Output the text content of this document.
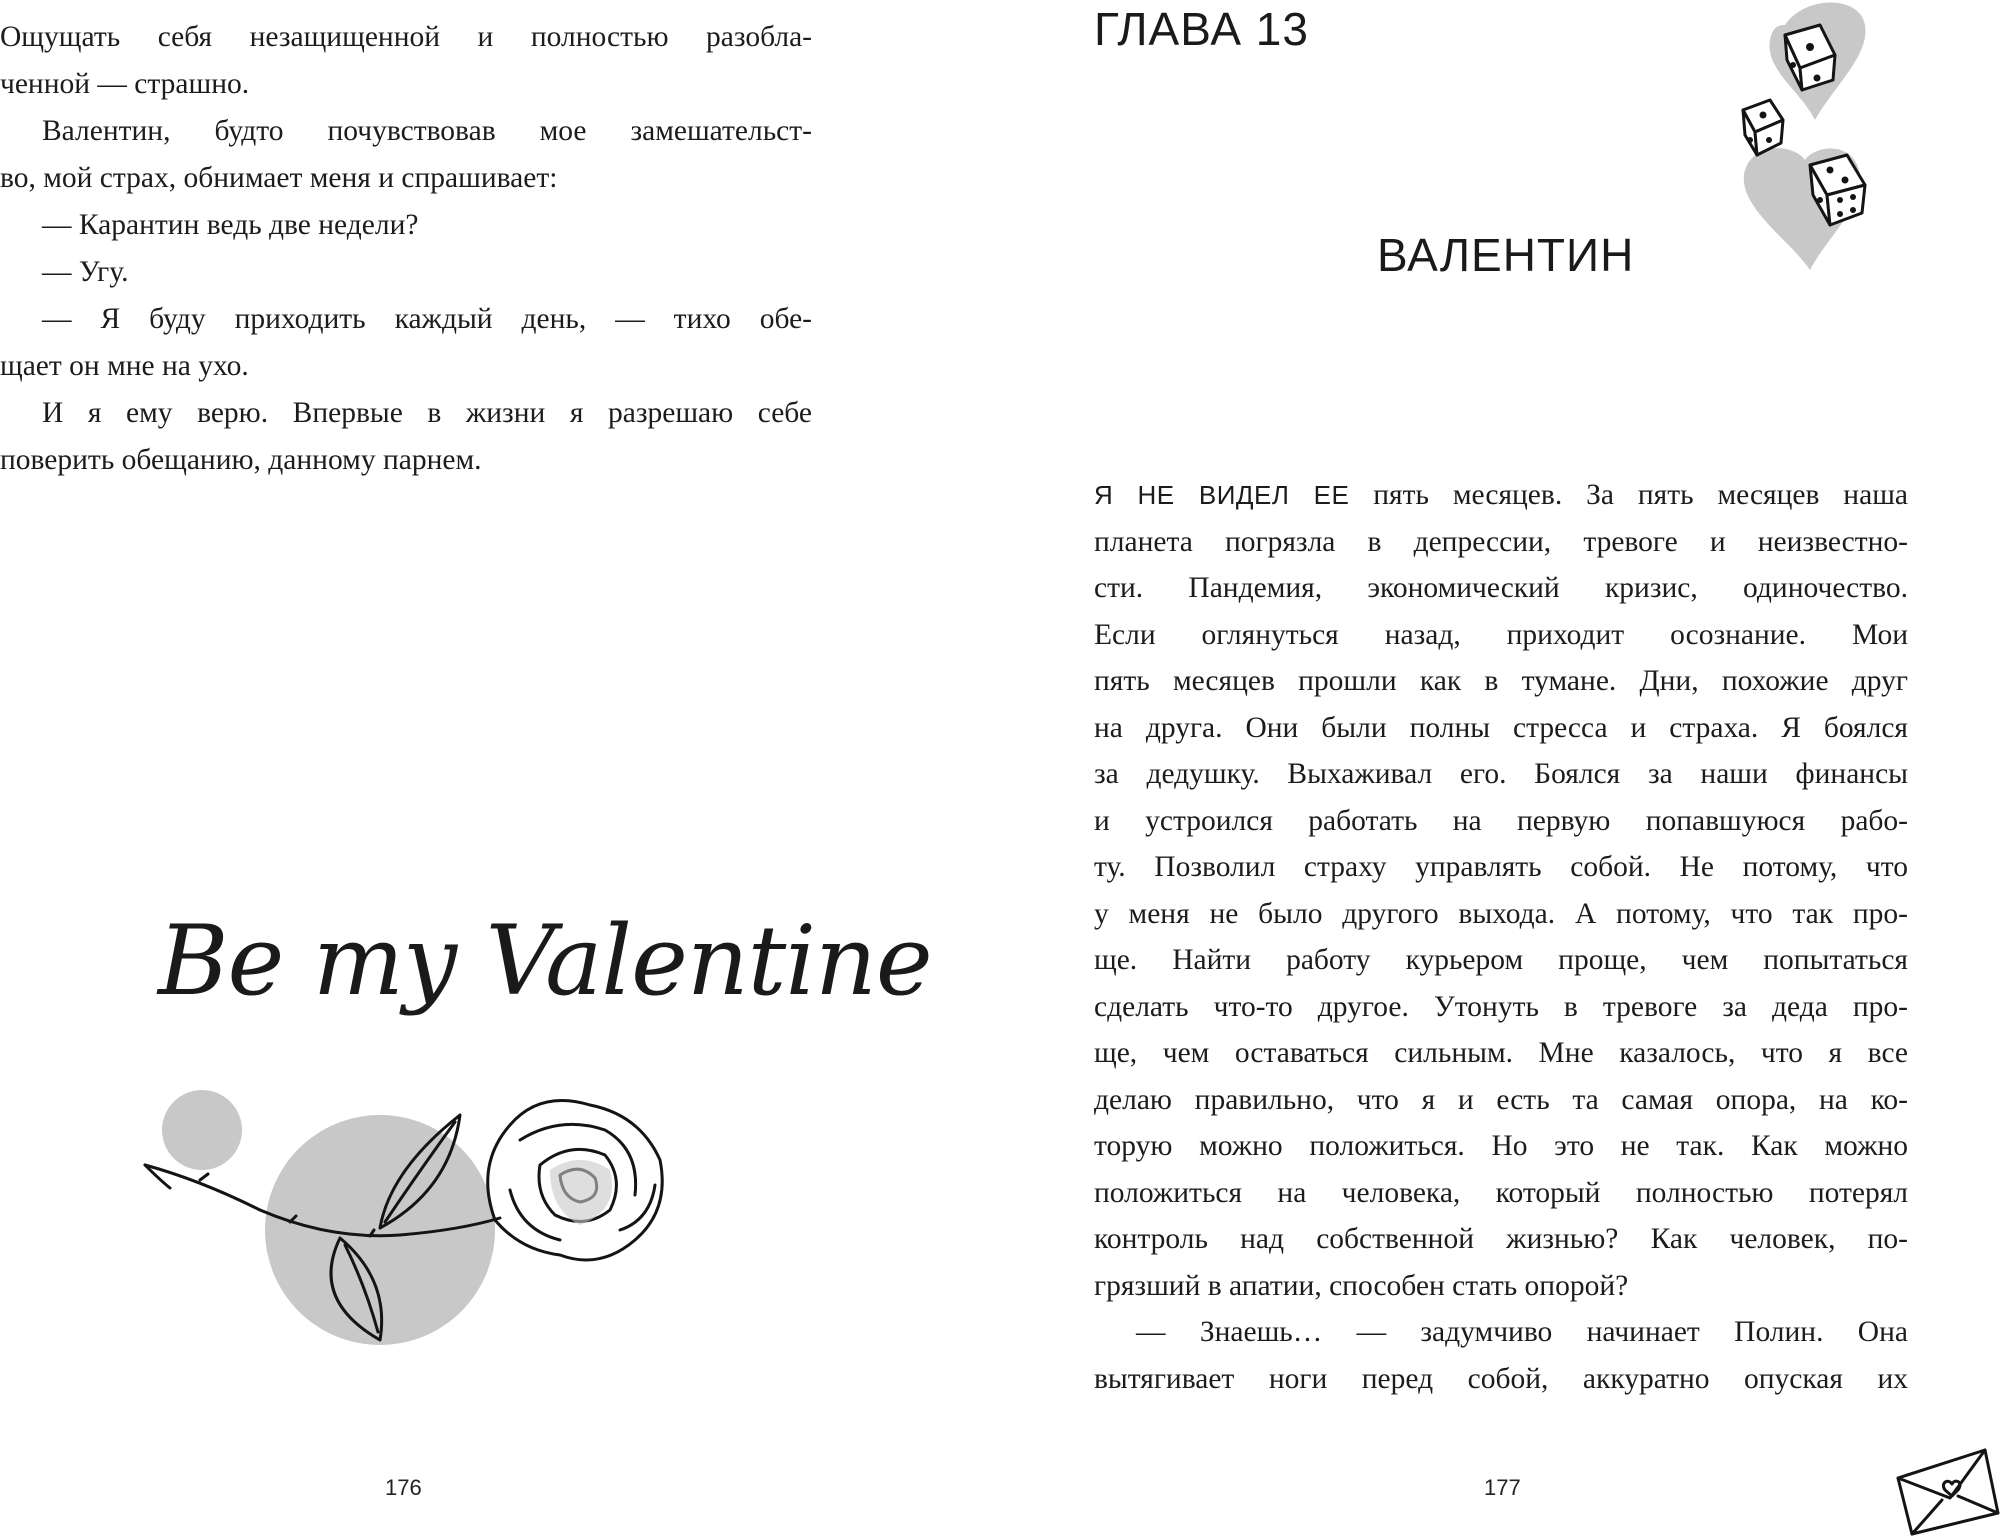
Ощущать себя незащищенной и полностью разобла-
ченной — страшно.

Валентин, будто почувствовав мое замешательст-
во, мой страх, обнимает меня и спрашивает:

— Карантин ведь две недели?

— Угу.

— Я буду приходить каждый день, — тихо обе-
щает он мне на ухо.

И я ему верю. Впервые в жизни я разрешаю себе
поверить обещанию, данному парнем.

Be my Valentine
176
ГЛАВА 13
ВАЛЕНТИН

Я НЕ ВИДЕЛ ЕЕ пять месяцев. За пять месяцев наша
планета погрязла в депрессии, тревоге и неизвестно-
сти. Пандемия, экономический кризис, одиночество.
Если оглянуться назад, приходит осознание. Мои
пять месяцев прошли как в тумане. Дни, похожие друг
на друга. Они были полны стресса и страха. Я боялся
за дедушку. Выхаживал его. Боялся за наши финансы
и устроился работать на первую попавшуюся рабо-
ту. Позволил страху управлять собой. Не потому, что
у меня не было другого выхода. А потому, что так про-
ще. Найти работу курьером проще, чем попытаться
сделать что-то другое. Утонуть в тревоге за деда про-
ще, чем оставаться сильным. Мне казалось, что я все
делаю правильно, что я и есть та самая опора, на ко-
торую можно положиться. Но это не так. Как можно
положиться на человека, который полностью потерял
контроль над собственной жизнью? Как человек, по-
грязший в апатии, способен стать опорой?

— Знаешь… — задумчиво начинает Полин. Она
вытягивает ноги перед собой, аккуратно опуская их

177
